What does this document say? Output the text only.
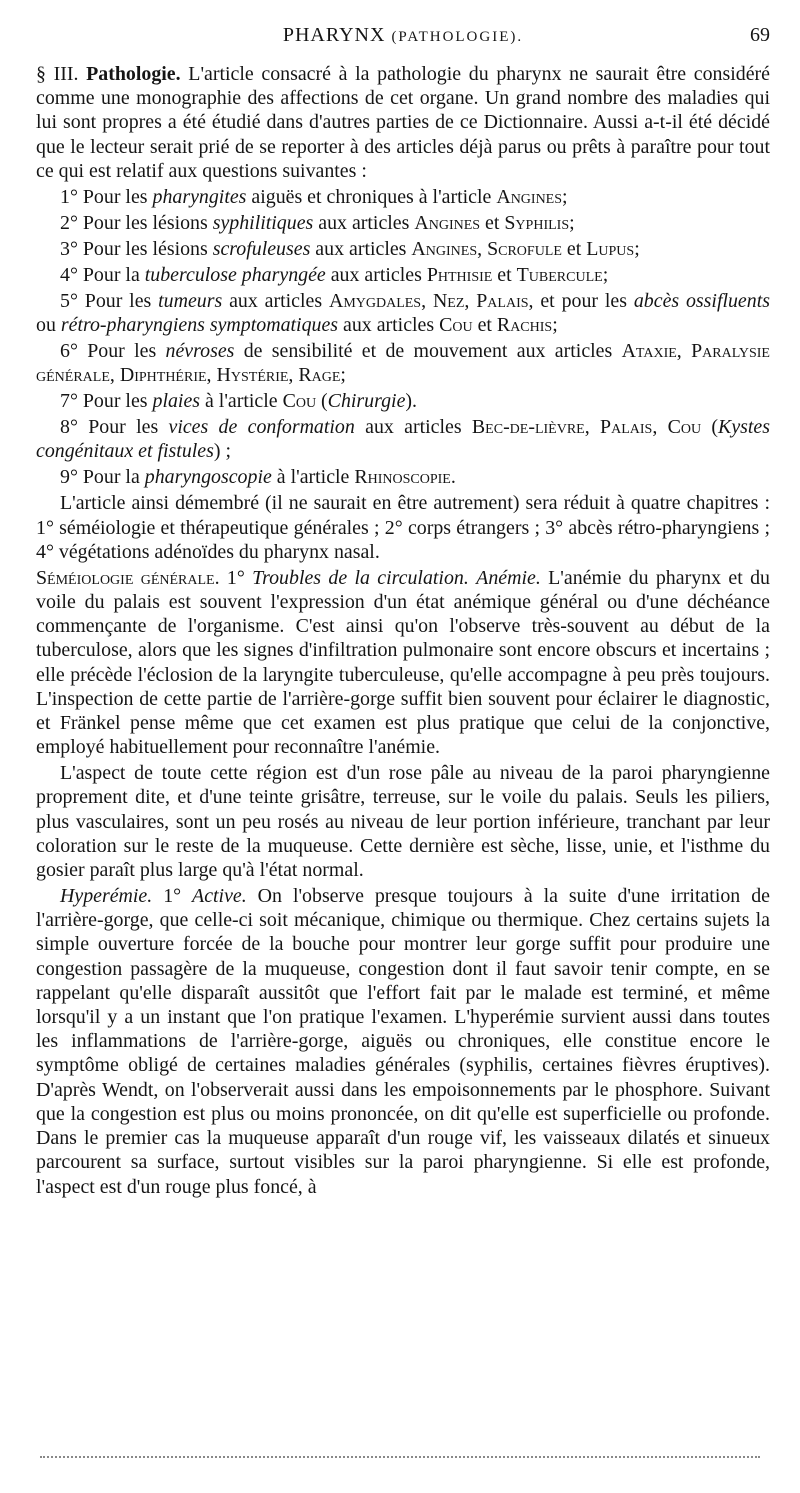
PHARYNX (PATHOLOGIE).	69

§ III. Pathologie. L'article consacré à la pathologie du pharynx ne saurait être considéré comme une monographie des affections de cet organe. Un grand nombre des maladies qui lui sont propres a été étudié dans d'autres parties de ce Dictionnaire. Aussi a-t-il été décidé que le lecteur serait prié de se reporter à des articles déjà parus ou prêts à paraître pour tout ce qui est relatif aux questions suivantes :

1° Pour les pharyngites aiguës et chroniques à l'article Angines;

2° Pour les lésions syphilitiques aux articles Angines et Syphilis;

3° Pour les lésions scrofuleuses aux articles Angines, Scrofule et Lupus;

4° Pour la tuberculose pharyngée aux articles Phthisie et Tubercule;

5° Pour les tumeurs aux articles Amygdales, Nez, Palais, et pour les abcès ossifluents ou rétro-pharyngiens symptomatiques aux articles Cou et Rachis;

6° Pour les névroses de sensibilité et de mouvement aux articles Ataxie, Paralysie générale, Diphthérie, Hystérie, Rage;

7° Pour les plaies à l'article Cou (Chirurgie).

8° Pour les vices de conformation aux articles Bec-de-lièvre, Palais, Cou (Kystes congénitaux et fistules) ;

9° Pour la pharyngoscopie à l'article Rhinoscopie.

L'article ainsi démembré (il ne saurait en être autrement) sera réduit à quatre chapitres : 1° séméiologie et thérapeutique générales ; 2° corps étrangers ; 3° abcès rétro-pharyngiens ; 4° végétations adénoïdes du pharynx nasal.

Séméiologie générale. 1° Troubles de la circulation. Anémie. L'anémie du pharynx et du voile du palais est souvent l'expression d'un état anémique général ou d'une déchéance commençante de l'organisme. C'est ainsi qu'on l'observe très-souvent au début de la tuberculose, alors que les signes d'infiltration pulmonaire sont encore obscurs et incertains ; elle précède l'éclosion de la laryngite tuberculeuse, qu'elle accompagne à peu près toujours. L'inspection de cette partie de l'arrière-gorge suffit bien souvent pour éclairer le diagnostic, et Fränkel pense même que cet examen est plus pratique que celui de la conjonctive, employé habituellement pour reconnaître l'anémie.

L'aspect de toute cette région est d'un rose pâle au niveau de la paroi pharyngienne proprement dite, et d'une teinte grisâtre, terreuse, sur le voile du palais. Seuls les piliers, plus vasculaires, sont un peu rosés au niveau de leur portion inférieure, tranchant par leur coloration sur le reste de la muqueuse. Cette dernière est sèche, lisse, unie, et l'isthme du gosier paraît plus large qu'à l'état normal.

Hyperémie. 1° Active. On l'observe presque toujours à la suite d'une irritation de l'arrière-gorge, que celle-ci soit mécanique, chimique ou thermique. Chez certains sujets la simple ouverture forcée de la bouche pour montrer leur gorge suffit pour produire une congestion passagère de la muqueuse, congestion dont il faut savoir tenir compte, en se rappelant qu'elle disparaît aussitôt que l'effort fait par le malade est terminé, et même lorsqu'il y a un instant que l'on pratique l'examen. L'hyperémie survient aussi dans toutes les inflammations de l'arrière-gorge, aiguës ou chroniques, elle constitue encore le symptôme obligé de certaines maladies générales (syphilis, certaines fièvres éruptives). D'après Wendt, on l'observerait aussi dans les empoisonnements par le phosphore. Suivant que la congestion est plus ou moins prononcée, on dit qu'elle est superficielle ou profonde. Dans le premier cas la muqueuse apparaît d'un rouge vif, les vaisseaux dilatés et sinueux parcourent sa surface, surtout visibles sur la paroi pharyngienne. Si elle est profonde, l'aspect est d'un rouge plus foncé, à
